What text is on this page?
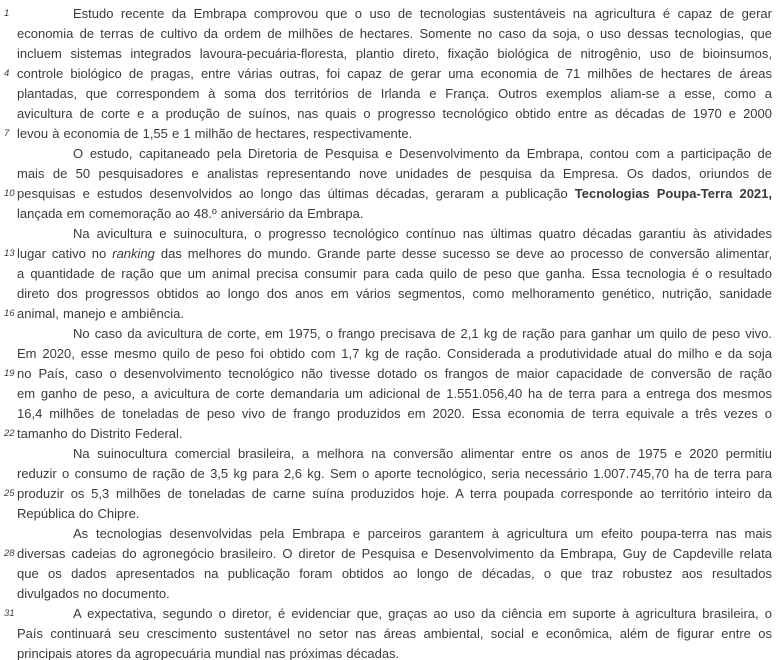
1	Estudo recente da Embrapa comprovou que o uso de tecnologias sustentáveis na agricultura é capaz de gerar
economia de terras de cultivo da ordem de milhões de hectares. Somente no caso da soja, o uso dessas tecnologias, que
incluem sistemas integrados lavoura-pecuária-floresta, plantio direto, fixação biológica de nitrogênio, uso de bioinsumos,
4 controle biológico de pragas, entre várias outras, foi capaz de gerar uma economia de 71 milhões de hectares de áreas
plantadas, que correspondem à soma dos territórios de Irlanda e França. Outros exemplos aliam-se a esse, como a
avicultura de corte e a produção de suínos, nas quais o progresso tecnológico obtido entre as décadas de 1970 e 2000
7 levou à economia de 1,55 e 1 milhão de hectares, respectivamente.
O estudo, capitaneado pela Diretoria de Pesquisa e Desenvolvimento da Embrapa, contou com a participação de
mais de 50 pesquisadores e analistas representando nove unidades de pesquisa da Empresa. Os dados, oriundos de
10 pesquisas e estudos desenvolvidos ao longo das últimas décadas, geraram a publicação Tecnologias Poupa-Terra 2021,
lançada em comemoração ao 48.º aniversário da Embrapa.
Na avicultura e suinocultura, o progresso tecnológico contínuo nas últimas quatro décadas garantiu às atividades
13 lugar cativo no ranking das melhores do mundo. Grande parte desse sucesso se deve ao processo de conversão alimentar,
a quantidade de ração que um animal precisa consumir para cada quilo de peso que ganha. Essa tecnologia é o resultado
direto dos progressos obtidos ao longo dos anos em vários segmentos, como melhoramento genético, nutrição, sanidade
16 animal, manejo e ambiência.
No caso da avicultura de corte, em 1975, o frango precisava de 2,1 kg de ração para ganhar um quilo de peso vivo.
Em 2020, esse mesmo quilo de peso foi obtido com 1,7 kg de ração. Considerada a produtividade atual do milho e da soja
19 no País, caso o desenvolvimento tecnológico não tivesse dotado os frangos de maior capacidade de conversão de ração
em ganho de peso, a avicultura de corte demandaria um adicional de 1.551.056,40 ha de terra para a entrega dos mesmos
16,4 milhões de toneladas de peso vivo de frango produzidos em 2020. Essa economia de terra equivale a três vezes o
22 tamanho do Distrito Federal.
Na suinocultura comercial brasileira, a melhora na conversão alimentar entre os anos de 1975 e 2020 permitiu
reduzir o consumo de ração de 3,5 kg para 2,6 kg. Sem o aporte tecnológico, seria necessário 1.007.745,70 ha de terra para
25 produzir os 5,3 milhões de toneladas de carne suína produzidos hoje. A terra poupada corresponde ao território inteiro da
República do Chipre.
As tecnologias desenvolvidas pela Embrapa e parceiros garantem à agricultura um efeito poupa-terra nas mais
28 diversas cadeias do agronegócio brasileiro. O diretor de Pesquisa e Desenvolvimento da Embrapa, Guy de Capdeville relata
que os dados apresentados na publicação foram obtidos ao longo de décadas, o que traz robustez aos resultados
divulgados no documento.
31	A expectativa, segundo o diretor, é evidenciar que, graças ao uso da ciência em suporte à agricultura brasileira, o
País continuará seu crescimento sustentável no setor nas áreas ambiental, social e econômica, além de figurar entre os
principais atores da agropecuária mundial nas próximas décadas.
